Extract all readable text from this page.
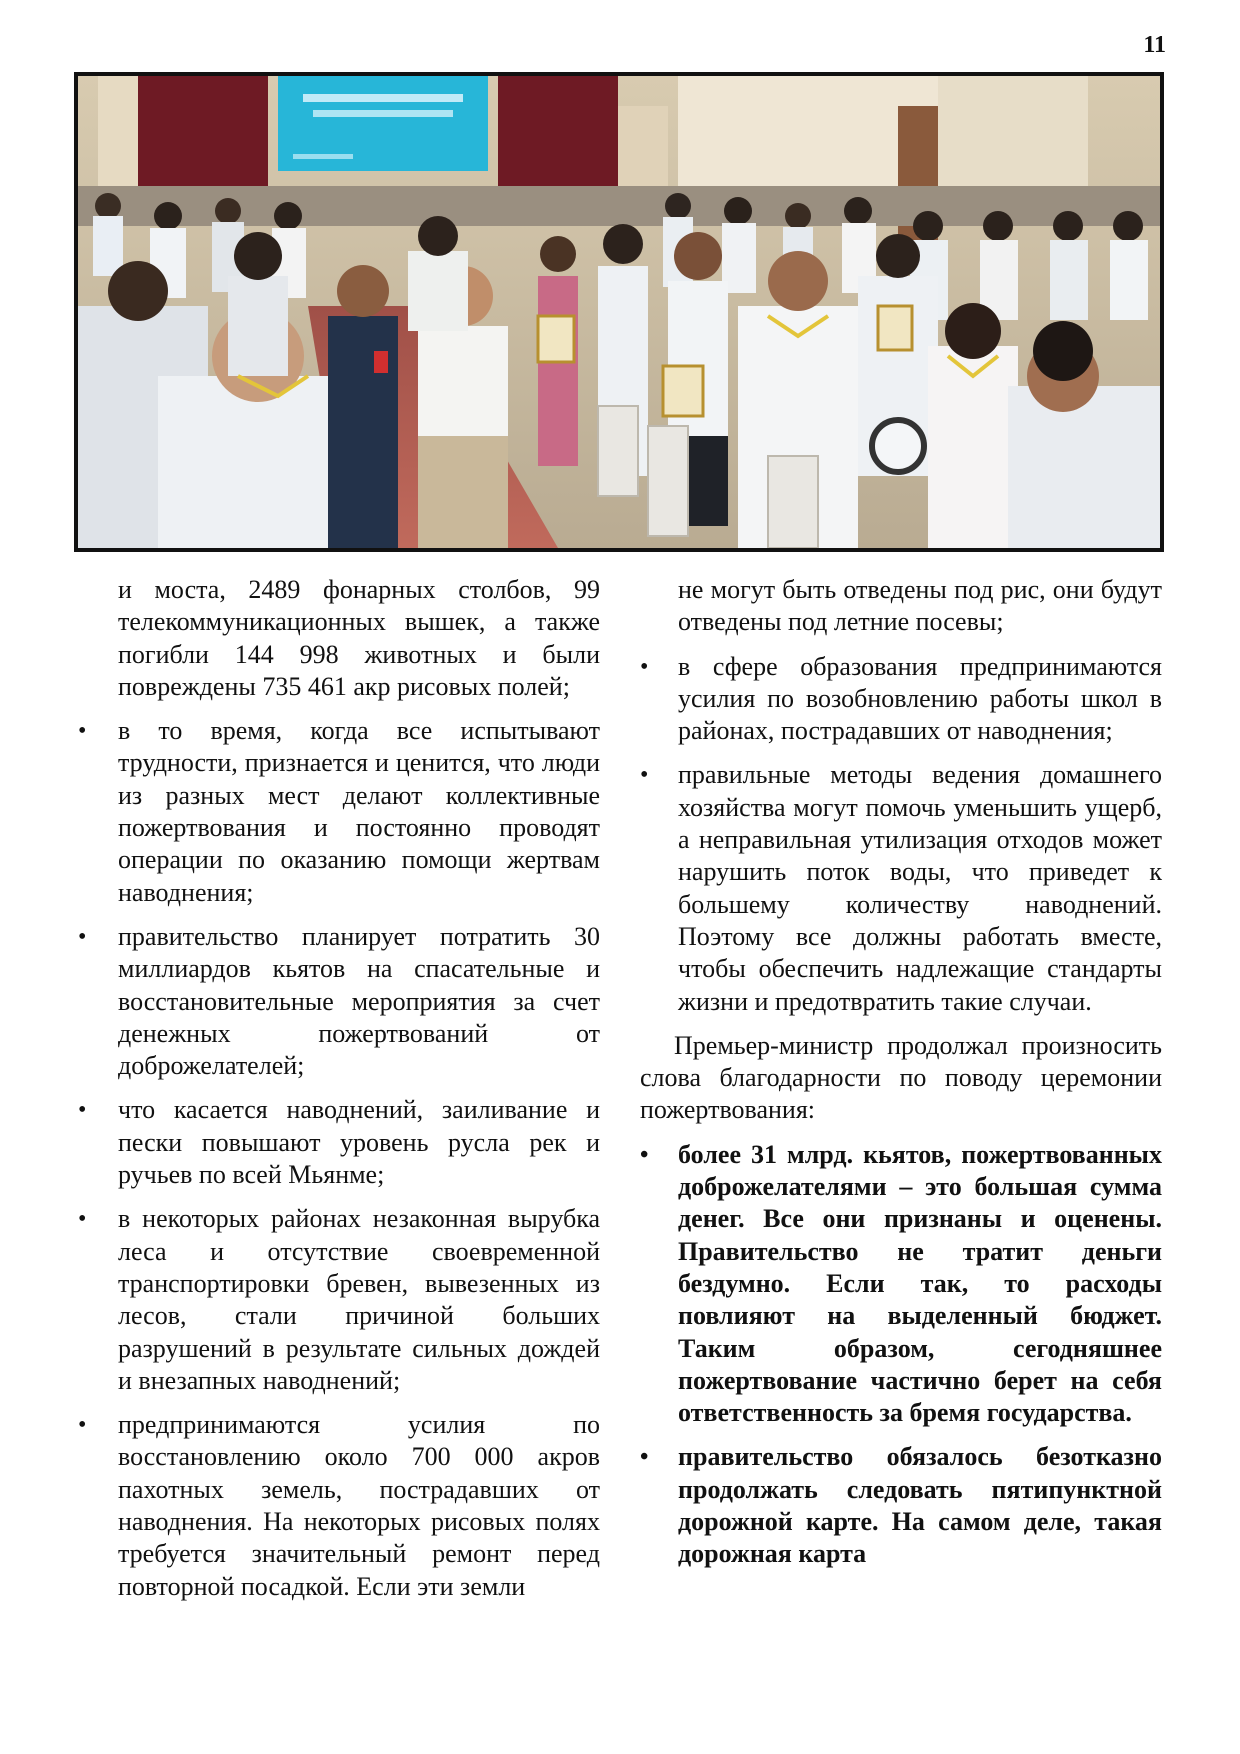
11

и моста, 2489 фонарных столбов, 99 телекоммуникационных вышек, а также погибли 144 998 животных и были повреждены 735 461 акр рисовых полей;

• в то время, когда все испытывают трудности, признается и ценится, что люди из разных мест делают коллективные пожертвования и постоянно проводят операции по оказанию помощи жертвам наводнения;
• правительство планирует потратить 30 миллиардов кьятов на спасательные и восстановительные мероприятия за счет денежных пожертвований от доброжелателей;
• что касается наводнений, заиливание и пески повышают уровень русла рек и ручьев по всей Мьянме;
• в некоторых районах незаконная вырубка леса и отсутствие своевременной транспортировки бревен, вывезенных из лесов, стали причиной больших разрушений в результате сильных дождей и внезапных наводнений;
• предпринимаются усилия по восстановлению около 700 000 акров пахотных земель, пострадавших от наводнения. На некоторых рисовых полях требуется значительный ремонт перед повторной посадкой. Если эти земли

не могут быть отведены под рис, они будут отведены под летние посевы;

• в сфере образования предпринимаются усилия по возобновлению работы школ в районах, пострадавших от наводнения;
• правильные методы ведения домашнего хозяйства могут помочь уменьшить ущерб, а неправильная утилизация отходов может нарушить поток воды, что приведет к большему количеству наводнений. Поэтому все должны работать вместе, чтобы обеспечить надлежащие стандарты жизни и предотвратить такие случаи.

Премьер-министр продолжал произносить слова благодарности по поводу церемонии пожертвования:

• более 31 млрд. кьятов, пожертвованных доброжелателями – это большая сумма денег. Все они признаны и оценены. Правительство не тратит деньги бездумно. Если так, то расходы повлияют на выделенный бюджет. Таким образом, сегодняшнее пожертвование частично берет на себя ответственность за бремя государства.
• правительство обязалось безотказно продолжать следовать пятипунктной дорожной карте. На самом деле, такая дорожная карта
